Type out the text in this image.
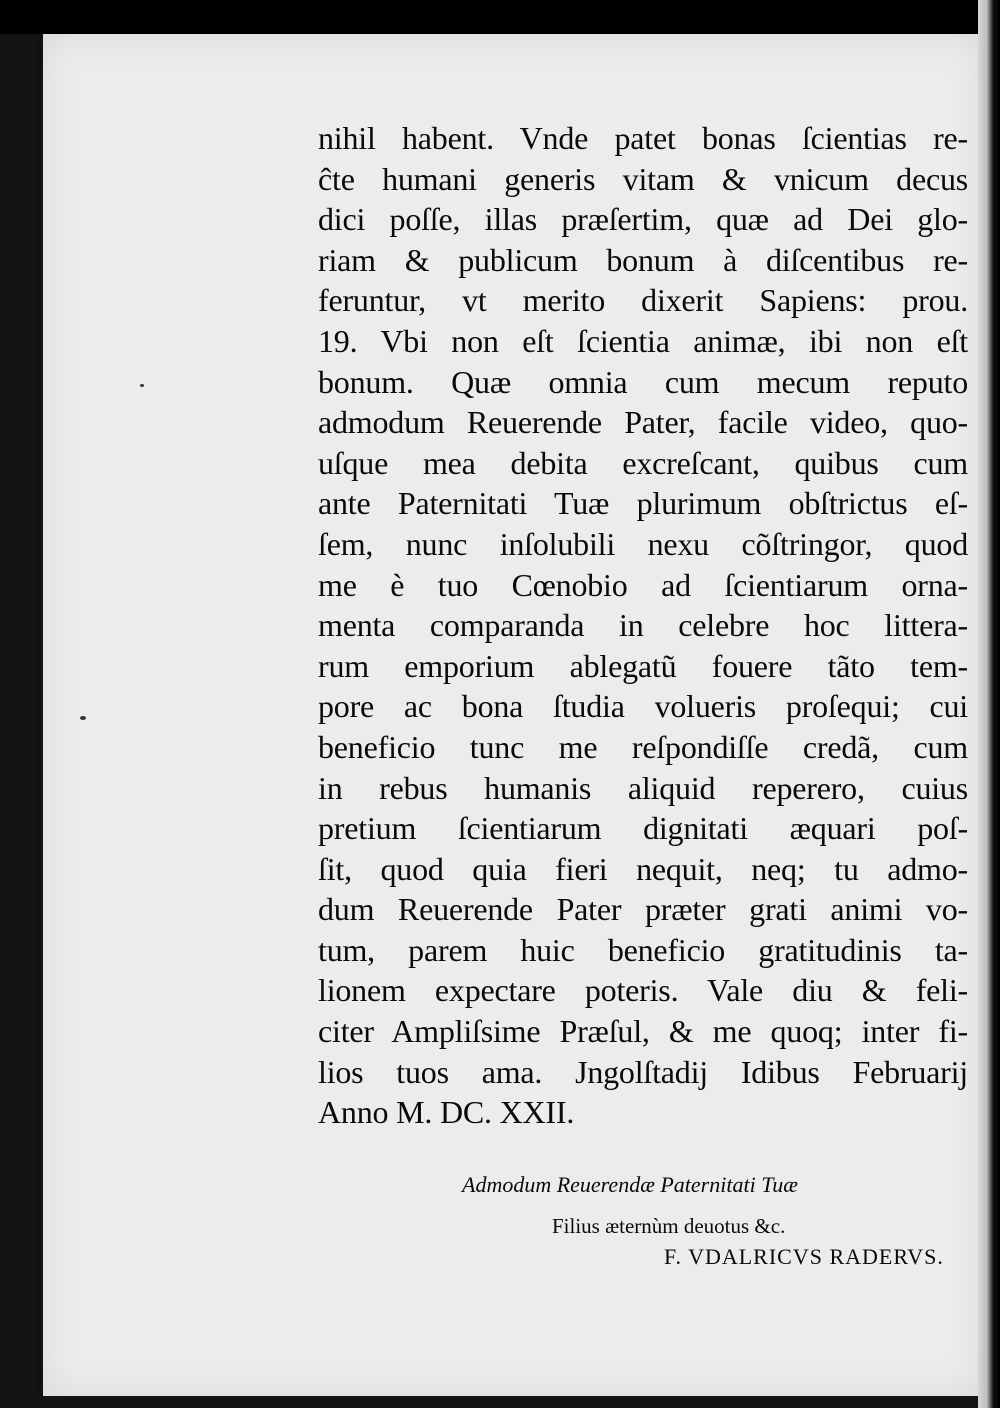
nihil habent. Vnde patet bonas ſcientias re-
ĉte humani generis vitam & vnicum decus
dici poſſe, illas præſertim, quæ ad Dei glo-
riam & publicum bonum à diſcentibus re-
feruntur, vt merito dixerit Sapiens: prou.
19. Vbi non eſt ſcientia animæ, ibi non eſt
bonum. Quæ omnia cum mecum reputo
admodum Reuerende Pater, facile video, quo-
uſque mea debita excreſcant, quibus cum
ante Paternitati Tuæ plurimum obſtrictus eſ-
ſem, nunc inſolubili nexu cõſtringor, quod
me è tuo Cœnobio ad ſcientiarum orna-
menta comparanda in celebre hoc littera-
rum emporium ablegatũ fouere tãto tem-
pore ac bona ſtudia volueris proſequi; cui
beneficio tunc me reſpondiſſe credã, cum
in rebus humanis aliquid reperero, cuius
pretium ſcientiarum dignitati æquari poſ-
ſit, quod quia fieri nequit, neq; tu admo-
dum Reuerende Pater præter grati animi vo-
tum, parem huic beneficio gratitudinis ta-
lionem expectare poteris. Vale diu & feli-
citer Ampliſsime Præſul, & me quoq; inter fi-
lios tuos ama. Jngolſtadij Idibus Februarij
Anno M. DC. XXII.
Admodum Reuerendæ Paternitati Tuæ
Filius æternùm deuotus &c.
F. VDALRICVS RADERVS.
